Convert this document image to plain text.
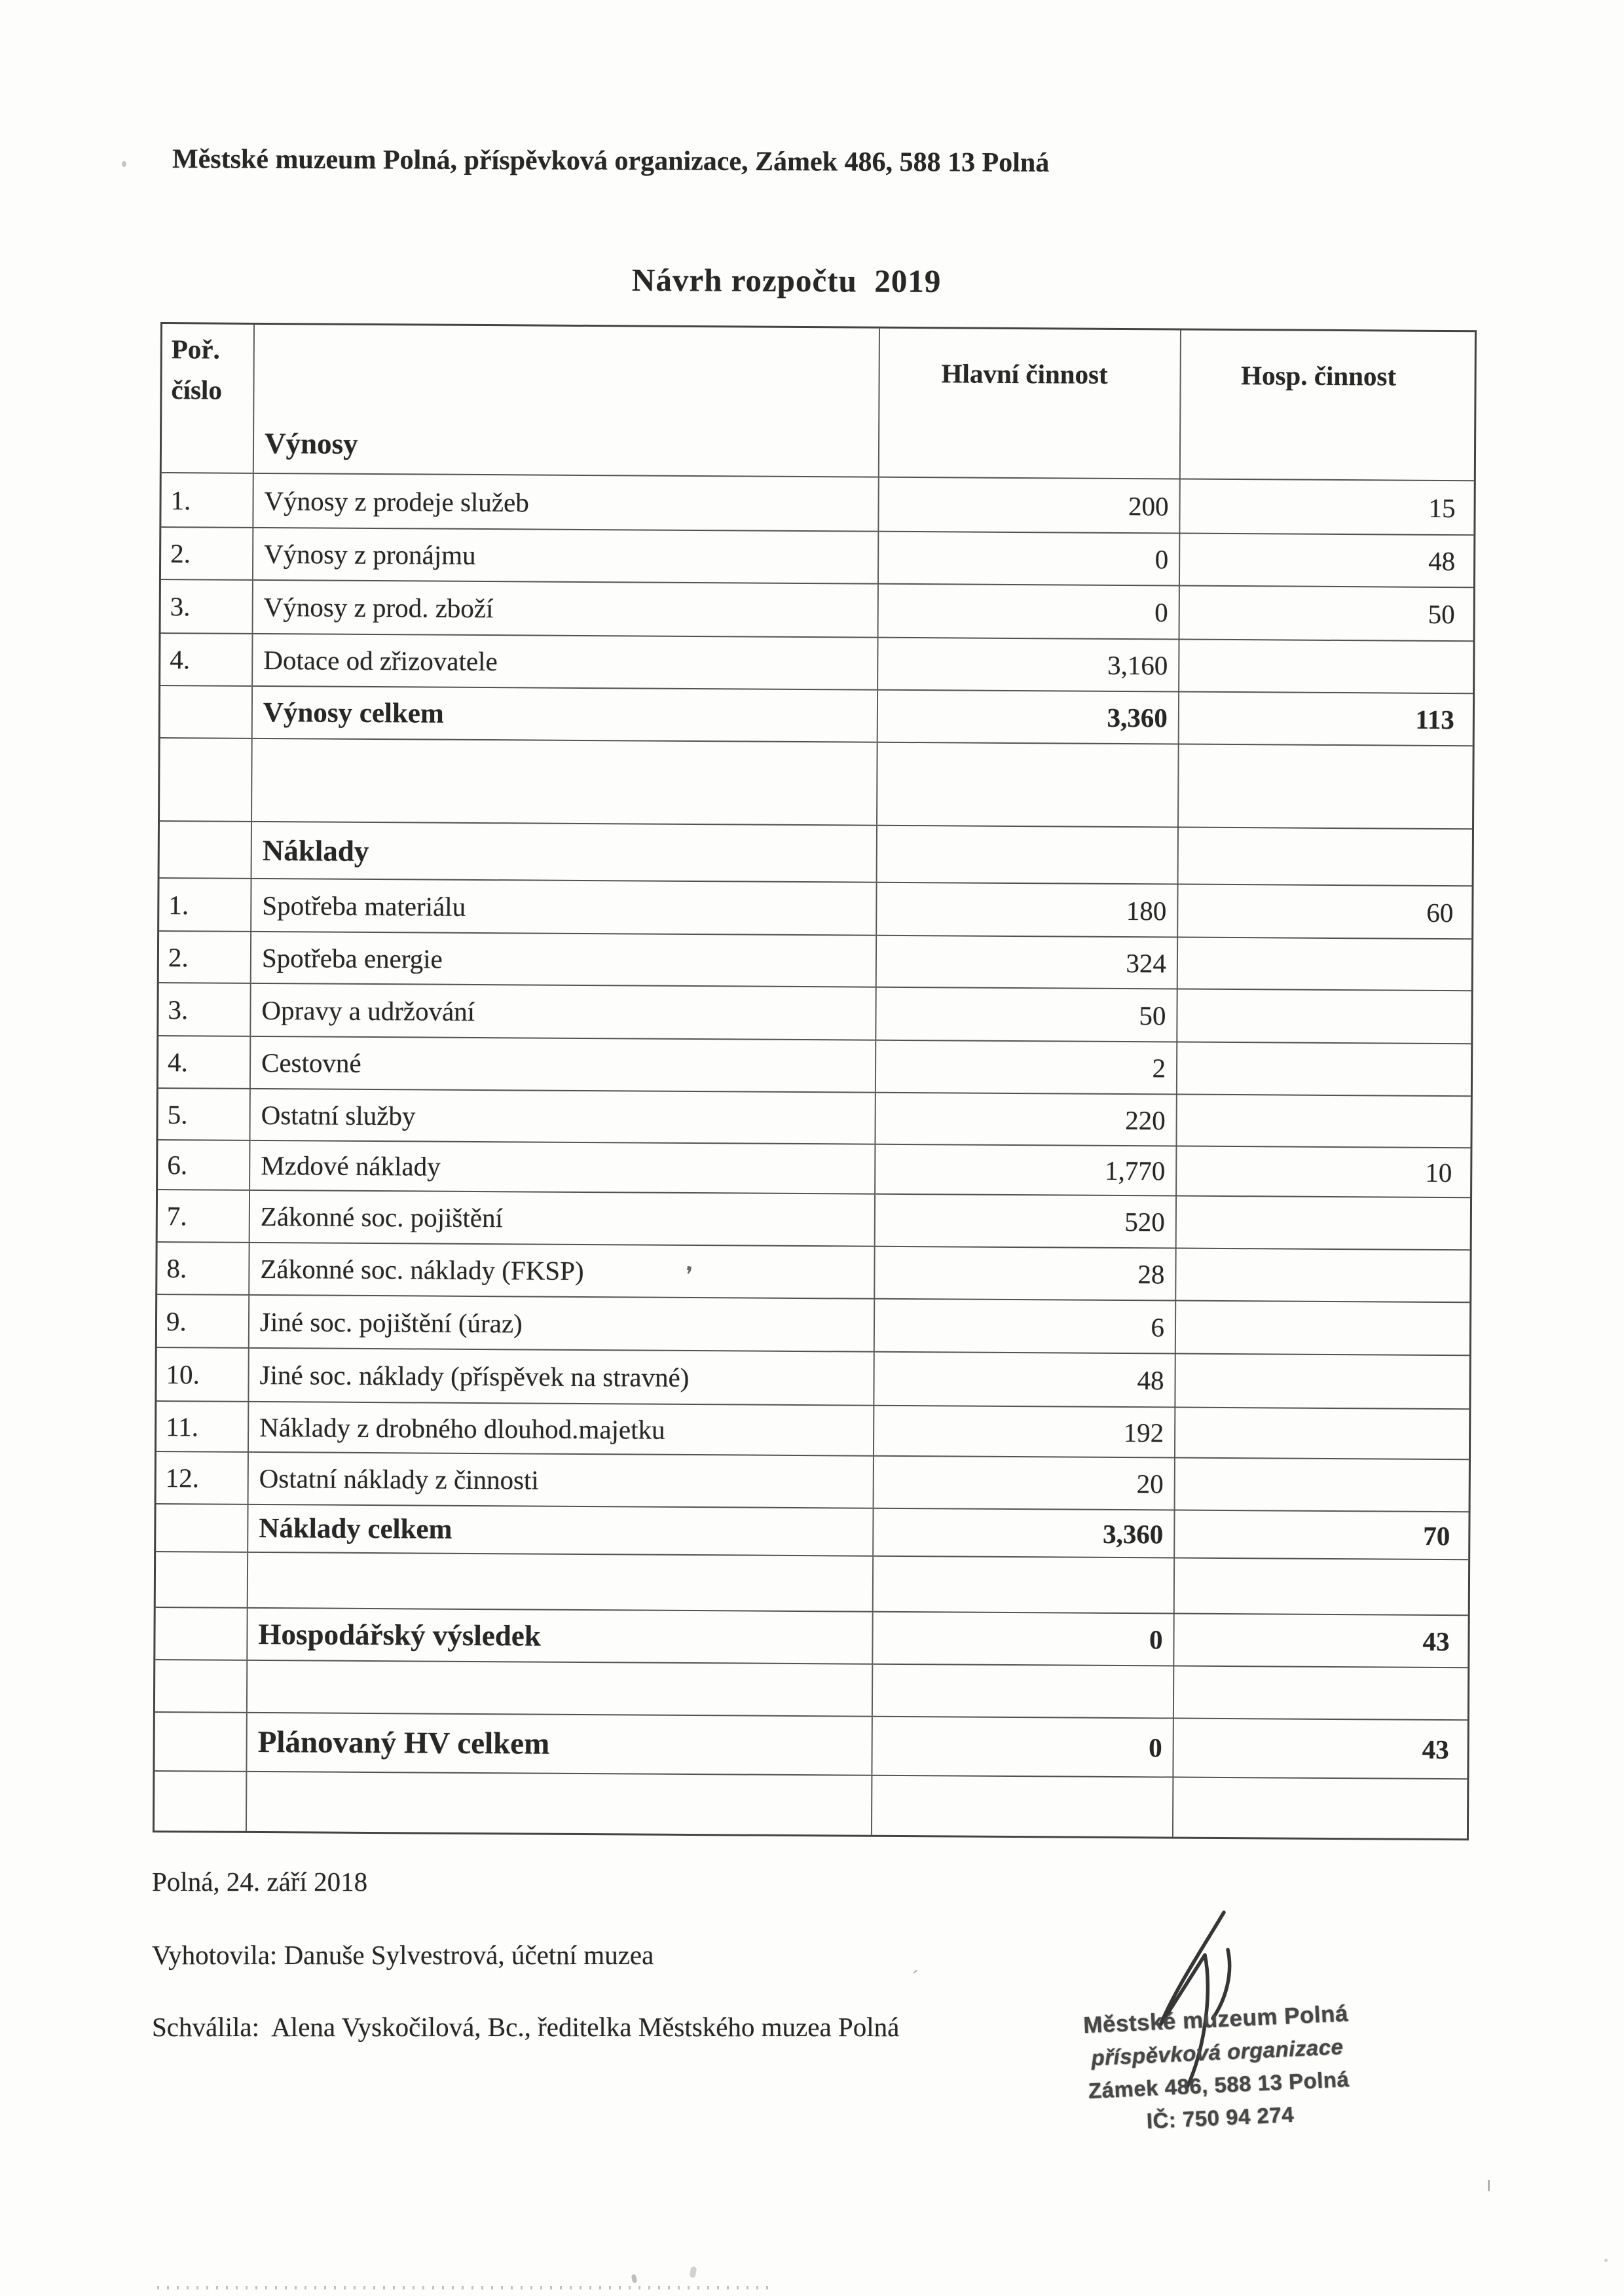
Městské muzeum Polná, příspěvková organizace, Zámek 486, 588 13 Polná
Návrh rozpočtu  2019
Poř.
číslo
Hlavní činnost	Hosp. činnost
Výnosy
1.	Výnosy z prodeje služeb	200	15
2.	Výnosy z pronájmu	0	48
3.	Výnosy z prod. zboží	0	50
4.	Dotace od zřizovatele	3,160
Výnosy celkem	3,360	113
Náklady
1.	Spotřeba materiálu	180	60
2.	Spotřeba energie	324
3.	Opravy a udržování	50
4.	Cestovné	2
5.	Ostatní služby	220
6.	Mzdové náklady	1,770	10
7.	Zákonné soc. pojištění	520
8.	Zákonné soc. náklady (FKSP)	28
9.	Jiné soc. pojištění (úraz)	6
10.	Jiné soc. náklady (příspěvek na stravné)	48
11.	Náklady z drobného dlouhod.majetku	192
12.	Ostatní náklady z činnosti	20
Náklady celkem	3,360	70
Hospodářský výsledek	0	43
Plánovaný HV celkem	0	43
Polná, 24. září 2018
Vyhotovila: Danuše Sylvestrová, účetní muzea
Schválila:  Alena Vyskočilová, Bc., ředitelka Městského muzea Polná	Městské muzeum Polná
příspěvková organizace
Zámek 486, 588 13 Polná
IČ: 750 94 274
❜
ˊ
